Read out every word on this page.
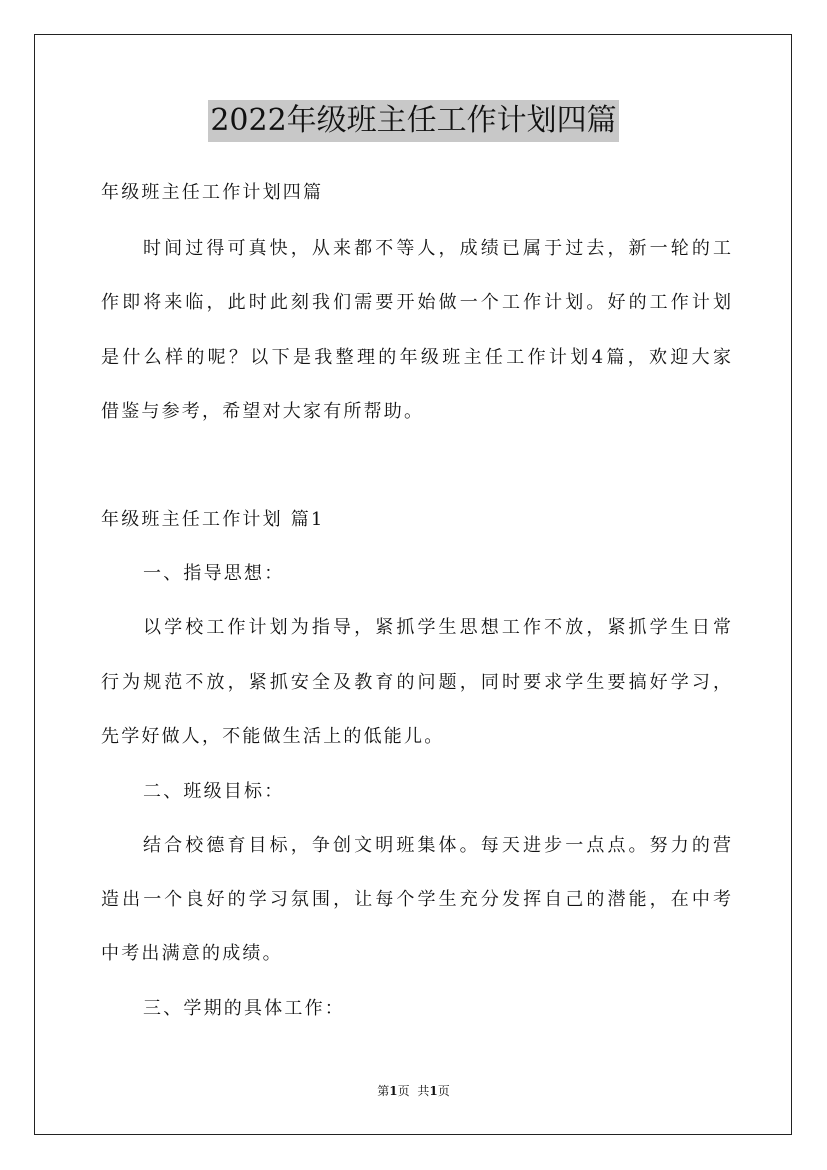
2022年级班主任工作计划四篇
年级班主任工作计划四篇
时间过得可真快，从来都不等人，成绩已属于过去，新一轮的工
作即将来临，此时此刻我们需要开始做一个工作计划。好的工作计划
是什么样的呢？以下是我整理的年级班主任工作计划4篇，欢迎大家
借鉴与参考，希望对大家有所帮助。
年级班主任工作计划 篇1
一、指导思想：
以学校工作计划为指导，紧抓学生思想工作不放，紧抓学生日常
行为规范不放，紧抓安全及教育的问题，同时要求学生要搞好学习，
先学好做人，不能做生活上的低能儿。
二、班级目标：
结合校德育目标，争创文明班集体。每天进步一点点。努力的营
造出一个良好的学习氛围，让每个学生充分发挥自己的潜能，在中考
中考出满意的成绩。
三、学期的具体工作：
第1页 共1页
